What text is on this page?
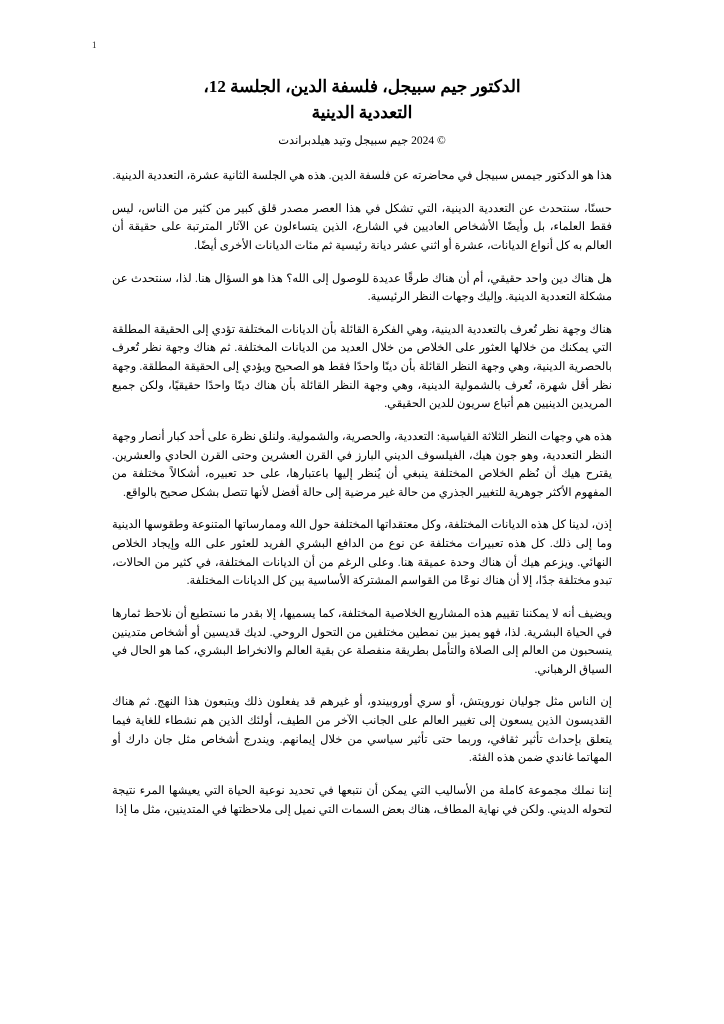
1
الدكتور جيم سبيجل، فلسفة الدين، الجلسة 12،
التعددية الدينية
© 2024 جيم سبيجل وتيد هيلدبراندت

هذا هو الدكتور جيمس سبيجل في محاضرته عن فلسفة الدين. هذه هي الجلسة الثانية عشرة، التعددية الدينية.

حسنًا، سنتحدث عن التعددية الدينية، التي تشكل في هذا العصر مصدر قلق كبير من كثير من الناس، ليس فقط العلماء، بل وأيضًا الأشخاص العاديين في الشارع، الذين يتساءلون عن الآثار المترتبة على حقيقة أن العالم به كل أنواع الديانات، عشرة أو اثني عشر ديانة رئيسية ثم مئات الديانات الأخرى أيضًا.

هل هناك دين واحد حقيقي، أم أن هناك طرقًا عديدة للوصول إلى الله؟ هذا هو السؤال هنا. لذا، سنتحدث عن مشكلة التعددية الدينية. وإليك وجهات النظر الرئيسية.

هناك وجهة نظر تُعرف بالتعددية الدينية، وهي الفكرة القائلة بأن الديانات المختلفة تؤدي إلى الحقيقة المطلقة التي يمكنك من خلالها العثور على الخلاص من خلال العديد من الديانات المختلفة. ثم هناك وجهة نظر تُعرف بالحصرية الدينية، وهي وجهة النظر القائلة بأن دينًا واحدًا فقط هو الصحيح ويؤدي إلى الحقيقة المطلقة. وجهة نظر أقل شهرة، تُعرف بالشمولية الدينية، وهي وجهة النظر القائلة بأن هناك دينًا واحدًا حقيقيًا، ولكن جميع المريدين الدينيين هم أتباع سريون للدين الحقيقي.

هذه هي وجهات النظر الثلاثة القياسية: التعددية، والحصرية، والشمولية. ولنلق نظرة على أحد كبار أنصار وجهة النظر التعددية، وهو جون هيك، الفيلسوف الديني البارز في القرن العشرين وحتى القرن الحادي والعشرين. يقترح هيك أن نُظم الخلاص المختلفة ينبغي أن يُنظر إليها باعتبارها، على حد تعبيره، أشكالاً مختلفة من المفهوم الأكثر جوهرية للتغيير الجذري من حالة غير مرضية إلى حالة أفضل لأنها تتصل بشكل صحيح بالواقع.

إذن، لدينا كل هذه الديانات المختلفة، وكل معتقداتها المختلفة حول الله وممارساتها المتنوعة وطقوسها الدينية وما إلى ذلك. كل هذه تعبيرات مختلفة عن نوع من الدافع البشري الفريد للعثور على الله وإيجاد الخلاص النهائي. ويزعم هيك أن هناك وحدة عميقة هنا. وعلى الرغم من أن الديانات المختلفة، في كثير من الحالات، تبدو مختلفة جدًا، إلا أن هناك نوعًا من القواسم المشتركة الأساسية بين كل الديانات المختلفة.

ويضيف أنه لا يمكننا تقييم هذه المشاريع الخلاصية المختلفة، كما يسميها، إلا بقدر ما نستطيع أن نلاحظ ثمارها في الحياة البشرية. لذا، فهو يميز بين نمطين مختلفين من التحول الروحي. لديك قديسين أو أشخاص متدينين ينسحبون من العالم إلى الصلاة والتأمل بطريقة منفصلة عن بقية العالم والانخراط البشري، كما هو الحال في السياق الرهباني.

إن الناس مثل جوليان نورويتش، أو سري أوروبيندو، أو غيرهم قد يفعلون ذلك ويتبعون هذا النهج. ثم هناك القديسون الذين يسعون إلى تغيير العالم على الجانب الآخر من الطيف، أولئك الذين هم نشطاء للغاية فيما يتعلق بإحداث تأثير ثقافي، وربما حتى تأثير سياسي من خلال إيمانهم. ويندرج أشخاص مثل جان دارك أو المهاتما غاندي ضمن هذه الفئة.

إننا نملك مجموعة كاملة من الأساليب التي يمكن أن نتبعها في تحديد نوعية الحياة التي يعيشها المرء نتيجة لتحوله الديني. ولكن في نهاية المطاف، هناك بعض السمات التي نميل إلى ملاحظتها في المتدينين، مثل ما إذا
